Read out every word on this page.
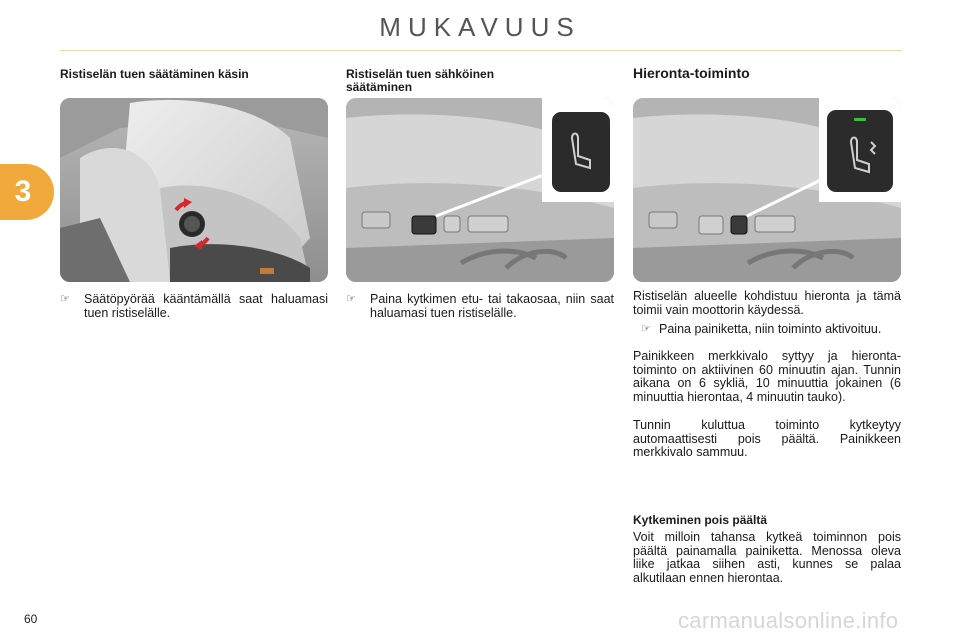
MUKAVUUS
3
Ristiselän tuen säätäminen käsin
☞	Säätöpyörää kääntämällä saat haluamasi tuen ristiselälle.
Ristiselän tuen sähköinen
säätäminen
☞	Paina kytkimen etu- tai takaosaa, niin saat haluamasi tuen ristiselälle.
Hieronta-toiminto
Ristiselän alueelle kohdistuu hieronta ja tämä toimii vain moottorin käydessä.
☞ Paina painiketta, niin toiminto aktivoituu.
Painikkeen merkkivalo syttyy ja hieronta-toiminto on aktiivinen 60 minuutin ajan. Tunnin aikana on 6 sykliä, 10 minuuttia jokainen (6 minuuttia hierontaa, 4 minuutin tauko).
Tunnin kuluttua toiminto kytkeytyy automaattisesti pois päältä. Painikkeen merkkivalo sammuu.
Kytkeminen pois päältä
Voit milloin tahansa kytkeä toiminnon pois päältä painamalla painiketta. Menossa oleva liike jatkaa siihen asti, kunnes se palaa alkutilaan ennen hierontaa.
60	carmanualsonline.info
